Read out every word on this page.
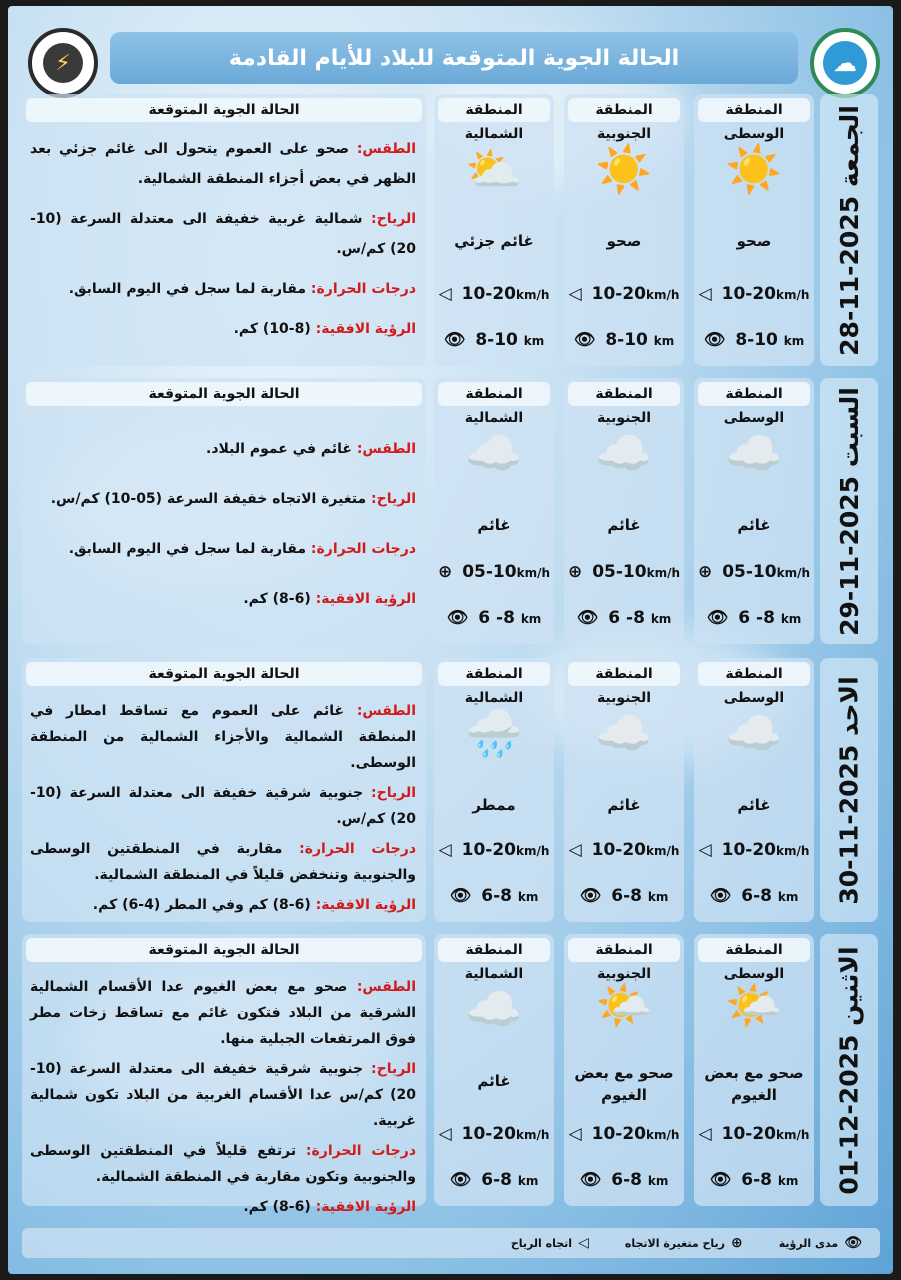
⚡	الحالة الجوية المتوقعة للبلاد للأيام القادمة	☁
الجمعة 2025-11-28
المنطقة الوسطى
☀️
صحو
◁ 10-20km/h
👁 8-10 km
المنطقة الجنوبية
☀️
صحو
◁ 10-20km/h
👁 8-10 km
المنطقة الشمالية
⛅
غائم جزئي
◁ 10-20km/h
👁 8-10 km
الحالة الجوية المتوقعة

الطقس: صحو على العموم يتحول الى غائم جزئي بعد الظهر في بعض أجزاء المنطقة الشمالية.

الرياح: شمالية غربية خفيفة الى معتدلة السرعة (10-20) كم/س.

درجات الحرارة: مقاربة لما سجل في اليوم السابق.

الرؤية الافقية: (8-10) كم.

السبت 2025-11-29
المنطقة الوسطى
☁️
غائم
⊕ 05-10km/h
👁 6 -8 km
المنطقة الجنوبية
☁️
غائم
⊕ 05-10km/h
👁 6 -8 km
المنطقة الشمالية
☁️
غائم
⊕ 05-10km/h
👁 6 -8 km
الحالة الجوية المتوقعة

الطقس: غائم في عموم البلاد.

الرياح: متغيرة الاتجاه خفيفة السرعة (05-10) كم/س.

درجات الحرارة: مقاربة لما سجل في اليوم السابق.

الرؤية الافقية: (6-8) كم.

الاحد 2025-11-30
المنطقة الوسطى
☁️
غائم
◁ 10-20km/h
👁 6-8 km
المنطقة الجنوبية
☁️
غائم
◁ 10-20km/h
👁 6-8 km
المنطقة الشمالية
🌧️
ممطر
◁ 10-20km/h
👁 6-8 km
الحالة الجوية المتوقعة

الطقس: غائم على العموم مع تساقط امطار في المنطقة الشمالية والأجزاء الشمالية من المنطقة الوسطى.

الرياح: جنوبية شرقية خفيفة الى معتدلة السرعة (10-20) كم/س.

درجات الحرارة: مقاربة في المنطقتين الوسطى والجنوبية وتنخفض قليلاً في المنطقة الشمالية.

الرؤية الافقية: (6-8) كم وفي المطر (4-6) كم.

الاثنين 2025-12-01
المنطقة الوسطى
🌤️
صحو مع بعض الغيوم
◁ 10-20km/h
👁 6-8 km
المنطقة الجنوبية
🌤️
صحو مع بعض الغيوم
◁ 10-20km/h
👁 6-8 km
المنطقة الشمالية
☁️
غائم
◁ 10-20km/h
👁 6-8 km
الحالة الجوية المتوقعة

الطقس: صحو مع بعض الغيوم عدا الأقسام الشمالية الشرقية من البلاد فتكون غائم مع تساقط زخات مطر فوق المرتفعات الجبلية منها.

الرياح: جنوبية شرقية خفيفة الى معتدلة السرعة (10-20) كم/س عدا الأقسام الغربية من البلاد تكون شمالية غربية.

درجات الحرارة: ترتفع قليلاً في المنطقتين الوسطى والجنوبية وتكون مقاربة في المنطقة الشمالية.

الرؤية الافقية: (6-8) كم.

◁
اتجاه الرياح	⊕
رياح متغيرة الاتجاه	👁
مدى الرؤية
